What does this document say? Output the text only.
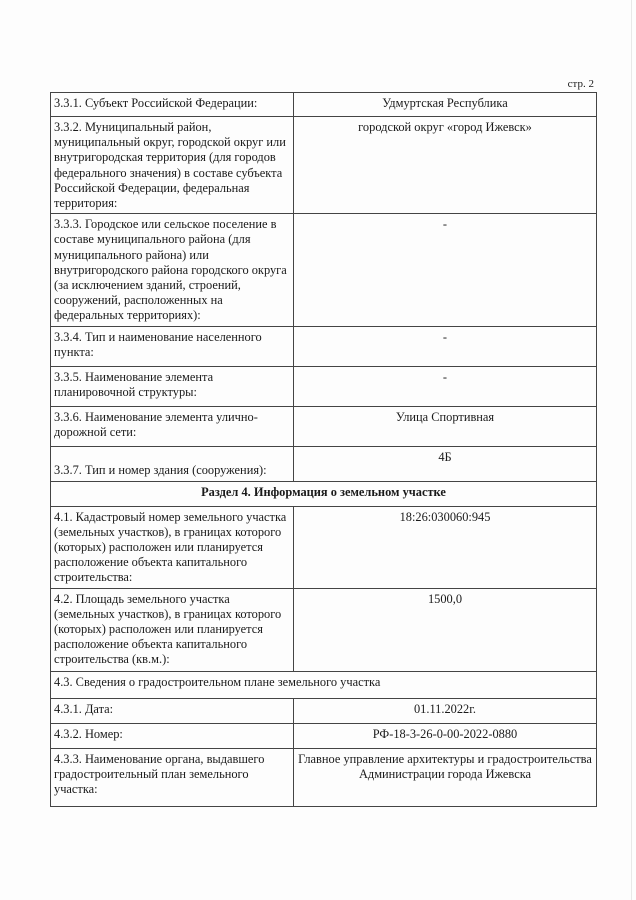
стр. 2
3.3.1. Субъект Российской Федерации:	Удмуртская Республика
3.3.2. Муниципальный район, муниципальный округ, городской округ или внутригородская территория (для городов федерального значения) в составе субъекта Российской Федерации, федеральная территория:	городской округ «город Ижевск»
3.3.3. Городское или сельское поселение в составе муниципального района (для муниципального района) или внутригородского района городского округа (за исключением зданий, строений, сооружений, расположенных на федеральных территориях):	-
3.3.4. Тип и наименование населенного пункта:	-
3.3.5. Наименование элемента планировочной структуры:	-
3.3.6. Наименование элемента улично-дорожной сети:	Улица Спортивная
3.3.7. Тип и номер здания (сооружения):	4Б
Раздел 4. Информация о земельном участке	
4.1. Кадастровый номер земельного участка (земельных участков), в границах которого (которых) расположен или планируется расположение объекта капитального строительства:	18:26:030060:945
4.2. Площадь земельного участка (земельных участков), в границах которого (которых) расположен или планируется расположение объекта капитального строительства (кв.м.):	1500,0
4.3. Сведения о градостроительном плане земельного участка	
4.3.1. Дата:	01.11.2022г.
4.3.2. Номер:	РФ-18-3-26-0-00-2022-0880
4.3.3. Наименование органа, выдавшего градостроительный план земельного участка:	Главное управление архитектуры и градостроительства Администрации города Ижевска
